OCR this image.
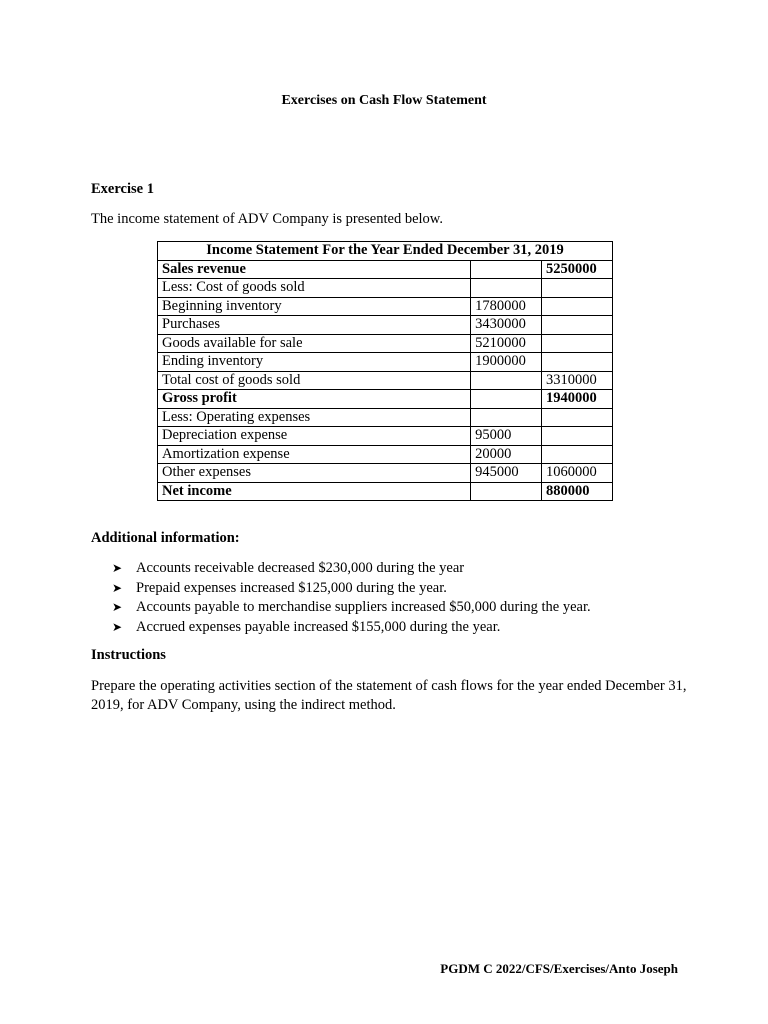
Exercises on Cash Flow Statement
Exercise 1
The income statement of ADV Company is presented below.
Income Statement For the Year Ended December 31, 2019		
Sales revenue		5250000
Less: Cost of goods sold		
Beginning inventory	1780000	
Purchases	3430000	
Goods available for sale	5210000	
Ending inventory	1900000	
Total cost of goods sold		3310000
Gross profit		1940000
Less: Operating expenses		
Depreciation expense	95000	
Amortization expense	20000	
Other expenses	945000	1060000
Net income		880000
Additional information:
➤ Accounts receivable decreased $230,000 during the year
➤ Prepaid expenses increased $125,000 during the year.
➤ Accounts payable to merchandise suppliers increased $50,000 during the year.
➤ Accrued expenses payable increased $155,000 during the year.
Instructions
Prepare the operating activities section of the statement of cash flows for the year ended December 31, 2019, for ADV Company, using the indirect method.
PGDM C 2022/CFS/Exercises/Anto Joseph
